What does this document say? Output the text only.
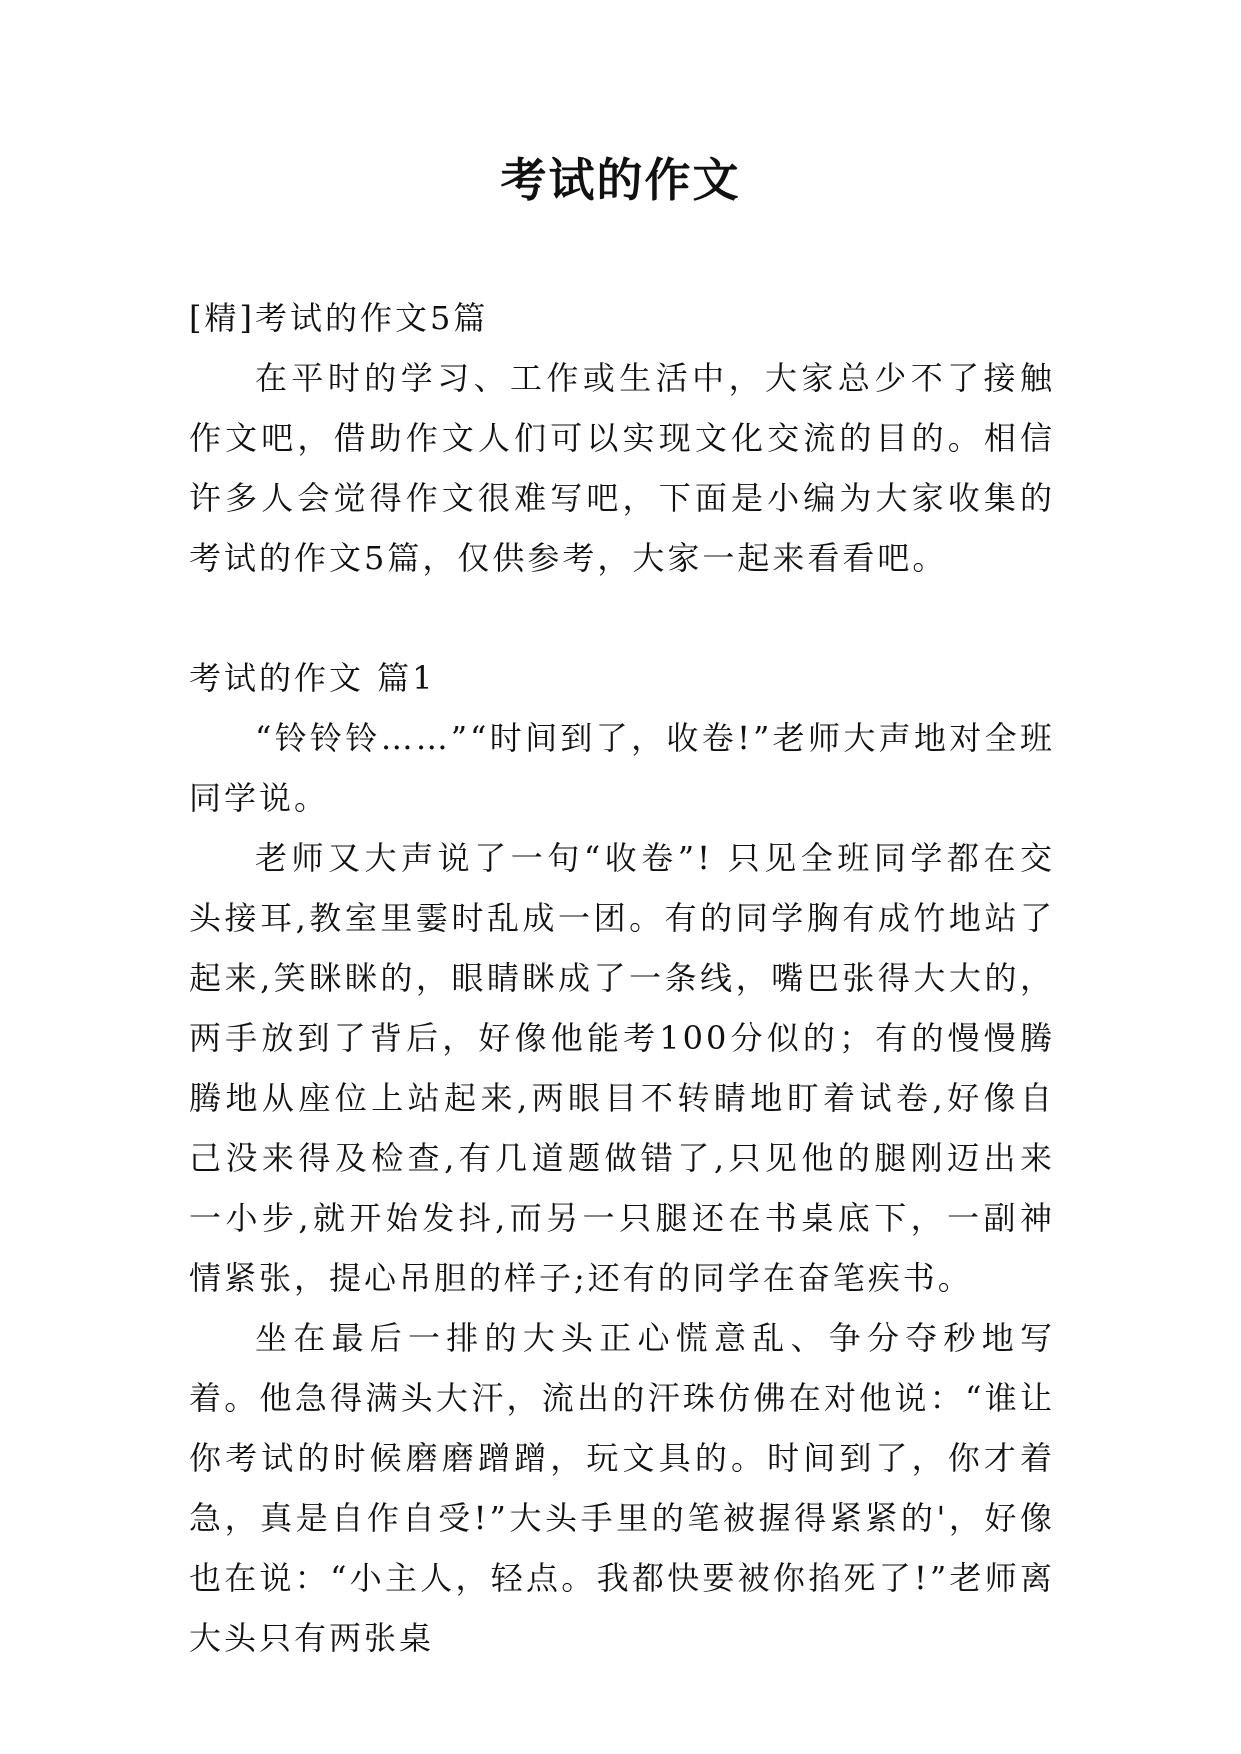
考试的作文

[精]考试的作文5篇

在平时的学习、工作或生活中，大家总少不了接触作文吧，借助作文人们可以实现文化交流的目的。相信许多人会觉得作文很难写吧，下面是小编为大家收集的考试的作文5篇，仅供参考，大家一起来看看吧。

考试的作文 篇1

“铃铃铃……”“时间到了，收卷!”老师大声地对全班同学说。

老师又大声说了一句“收卷”! 只见全班同学都在交头接耳,教室里霎时乱成一团。有的同学胸有成竹地站了起来,笑眯眯的，眼睛眯成了一条线，嘴巴张得大大的，两手放到了背后，好像他能考100分似的；有的慢慢腾腾地从座位上站起来,两眼目不转睛地盯着试卷,好像自己没来得及检查,有几道题做错了,只见他的腿刚迈出来一小步,就开始发抖,而另一只腿还在书桌底下，一副神情紧张，提心吊胆的样子;还有的同学在奋笔疾书。

坐在最后一排的大头正心慌意乱、争分夺秒地写着。他急得满头大汗，流出的汗珠仿佛在对他说：“谁让你考试的时候磨磨蹭蹭，玩文具的。时间到了，你才着急，真是自作自受!”大头手里的笔被握得紧紧的'，好像也在说：“小主人，轻点。我都快要被你掐死了!”老师离大头只有两张桌
